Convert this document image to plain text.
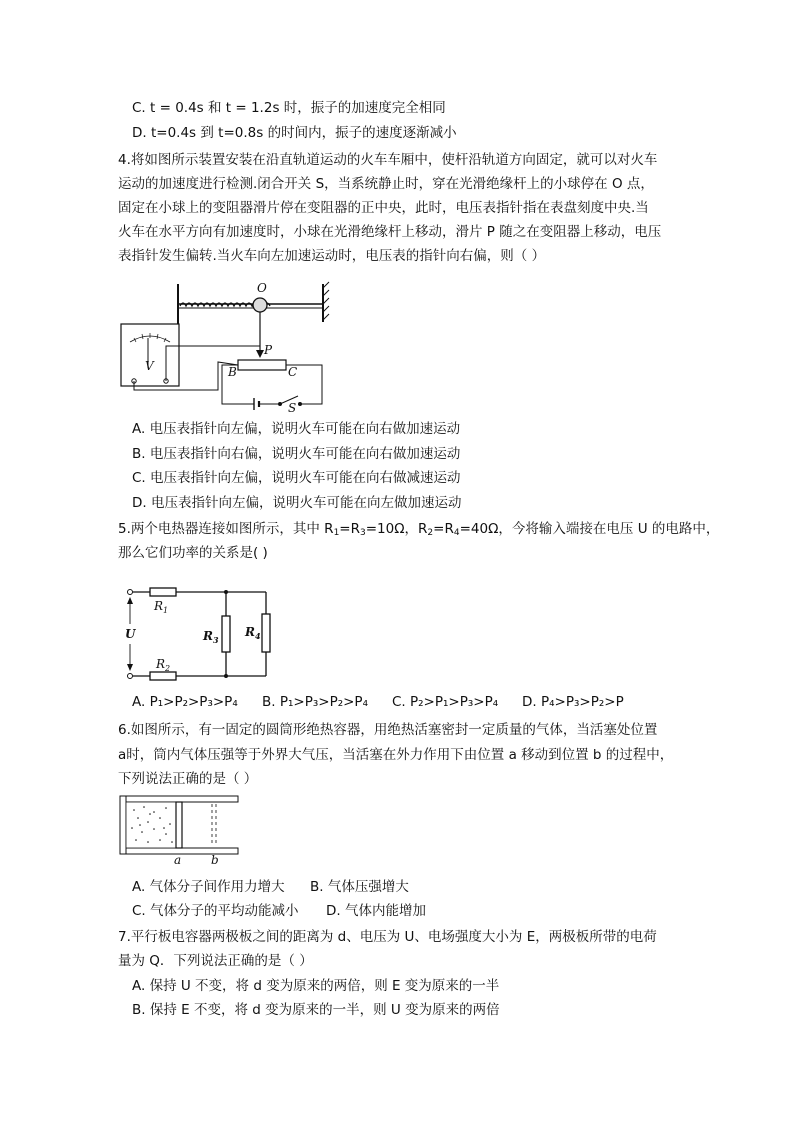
C. t = 0.4s 和 t = 1.2s 时，振子的加速度完全相同
D. t=0.4s 到 t=0.8s 的时间内，振子的速度逐渐减小
4.将如图所示装置安装在沿直轨道运动的火车车厢中，使杆沿轨道方向固定，就可以对火车
运动的加速度进行检测.闭合开关 S，当系统静止时，穿在光滑绝缘杆上的小球停在 O 点，
固定在小球上的变阻器滑片停在变阻器的正中央，此时，电压表指针指在表盘刻度中央.当
火车在水平方向有加速度时，小球在光滑绝缘杆上移动，滑片 P 随之在变阻器上移动，电压
表指针发生偏转.当火车向左加速运动时，电压表的指针向右偏，则（ ）
O
P
V	B	C
S
A. 电压表指针向左偏，说明火车可能在向右做加速运动
B. 电压表指针向右偏，说明火车可能在向右做加速运动
C. 电压表指针向左偏，说明火车可能在向右做减速运动
D. 电压表指针向左偏，说明火车可能在向左做加速运动
5.两个电热器连接如图所示，其中 $R_1=R_3=10\Omega$，$R_2=R_4=40\Omega$，今将输入端接在电压 U 的电路中，
那么它们功率的关系是( )
U
$R_1$
$R_2$
$R_3$
$R_4$
A. P₁>P₂>P₃>P₄ B. P₁>P₃>P₂>P₄ C. P₂>P₁>P₃>P₄ D. P₄>P₃>P₂>P
6.如图所示，有一固定的圆筒形绝热容器，用绝热活塞密封一定质量的气体，当活塞处位置
a时，筒内气体压强等于外界大气压，当活塞在外力作用下由位置 a 移动到位置 b 的过程中，
下列说法正确的是（ ）
a b
A. 气体分子间作用力增大 B. 气体压强增大
C. 气体分子的平均动能减小 D. 气体内能增加
7.平行板电容器两极板之间的距离为 d、电压为 U、电场强度大小为 E，两极板所带的电荷
量为 Q．下列说法正确的是（ ）
A. 保持 U 不变，将 d 变为原来的两倍，则 E 变为原来的一半
B. 保持 E 不变，将 d 变为原来的一半，则 U 变为原来的两倍
